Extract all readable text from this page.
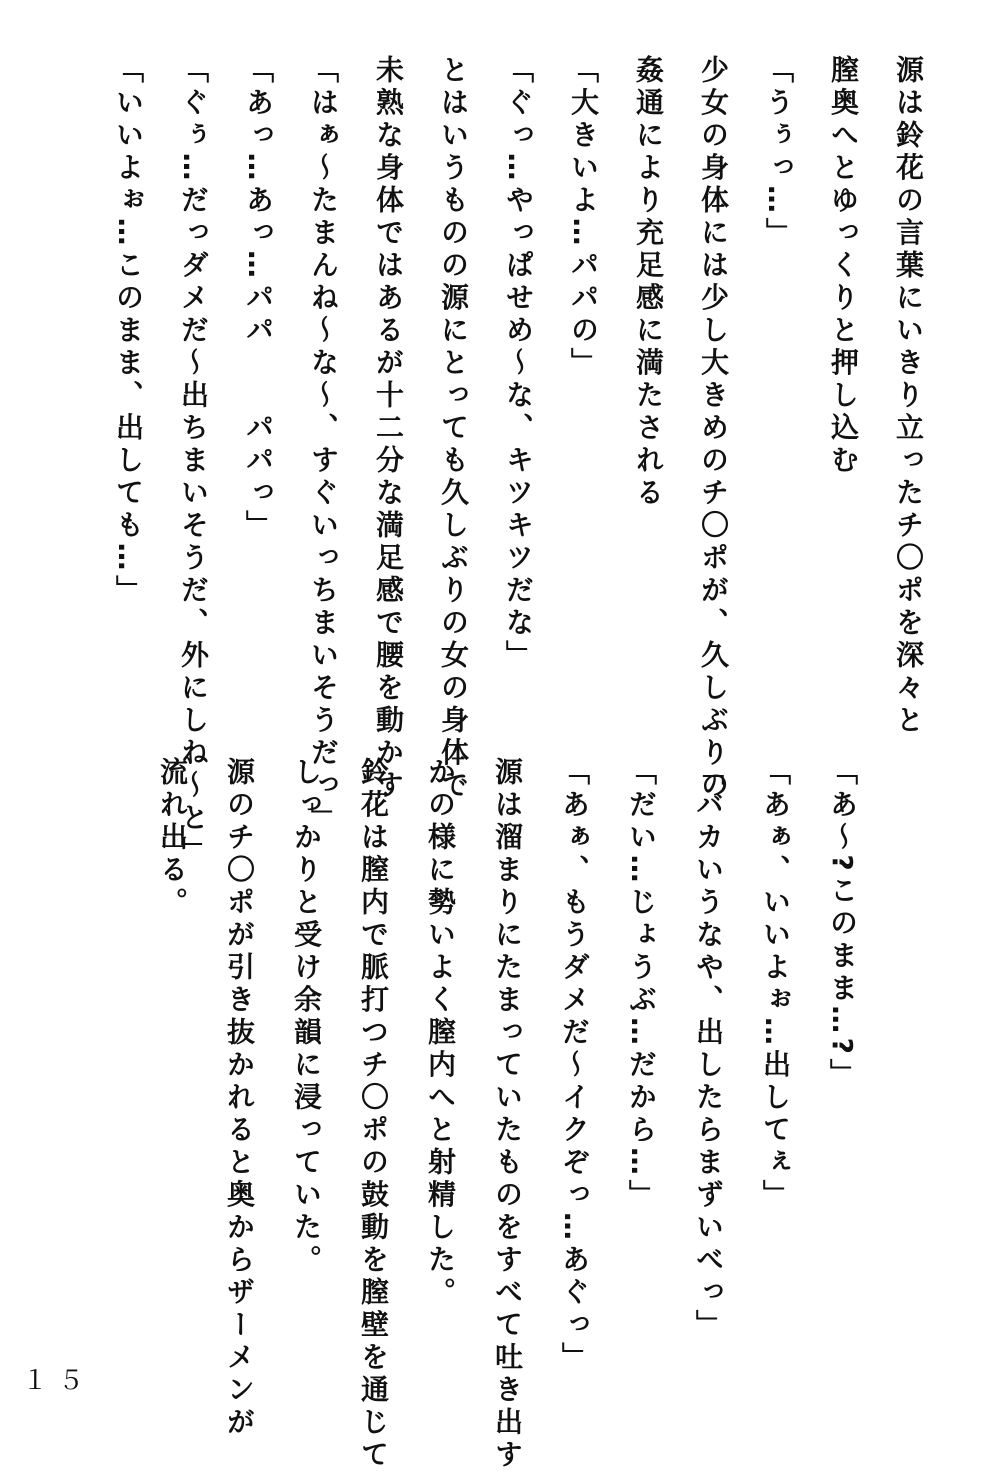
源は鈴花の言葉にいきり立ったチ〇ポを深々と
膣奥へとゆっくりと押し込む
「うぅっ…」
少女の身体には少し大きめのチ〇ポが、久しぶりの
姦通により充足感に満たされる
「大きいよ…パパの」
「ぐっ…やっぱせめ～な、キツキツだな」
とはいうものの源にとっても久しぶりの女の身体で
未熟な身体ではあるが十二分な満足感で腰を動かす
「はぁ～たまんね～な～、すぐいっちまいそうだっ」
「あっ…あっ…パパ　　パパっ」
「ぐぅ…だっダメだ～出ちまいそうだ、外にしね～と」
「いいよぉ…このまま、出しても…」
「あ～?このまま…?」
「あぁ、いいよぉ…出してぇ」
「バカいうなや、出したらまずいべっ」
「だい…じょうぶ…だから…」
「あぁ、もうダメだ～イクぞっ…あぐっ」
源は溜まりにたまっていたものをすべて吐き出す
かの様に勢いよく膣内へと射精した。
鈴花は膣内で脈打つチ〇ポの鼓動を膣壁を通じて
しっかりと受け余韻に浸っていた。
源のチ〇ポが引き抜かれると奥からザーメンが
流れ出る。
１５
